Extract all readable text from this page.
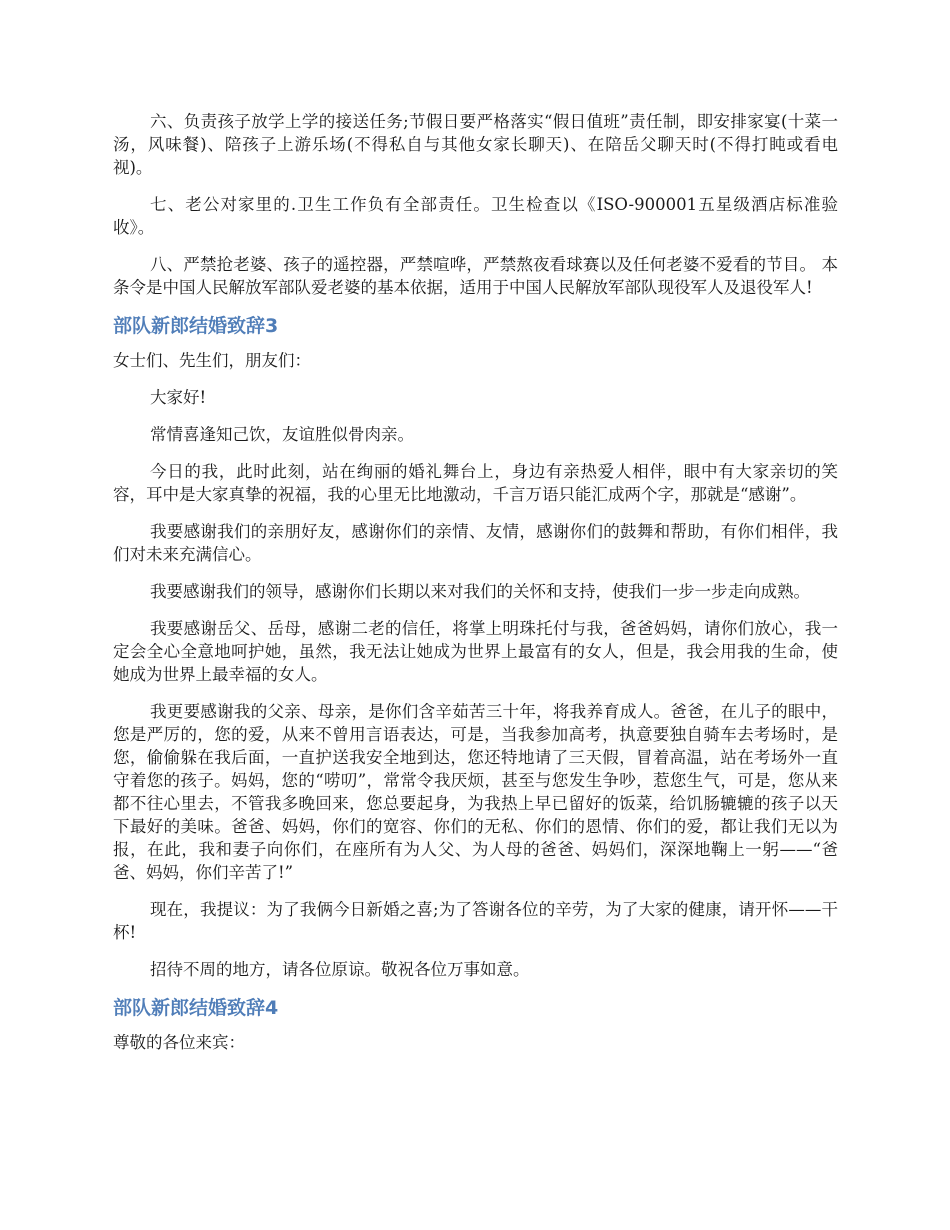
六、负责孩子放学上学的接送任务;节假日要严格落实“假日值班”责任制，即安排家宴(十菜一汤，风味餐)、陪孩子上游乐场(不得私自与其他女家长聊天)、在陪岳父聊天时(不得打盹或看电视)。

七、老公对家里的.卫生工作负有全部责任。卫生检查以《ISO-900001五星级酒店标准验收》。

八、严禁抢老婆、孩子的遥控器，严禁喧哗，严禁熬夜看球赛以及任何老婆不爱看的节目。 本条令是中国人民解放军部队爱老婆的基本依据，适用于中国人民解放军部队现役军人及退役军人!

部队新郎结婚致辞3

女士们、先生们，朋友们：

大家好!

常情喜逢知己饮，友谊胜似骨肉亲。

今日的我，此时此刻，站在绚丽的婚礼舞台上，身边有亲热爱人相伴，眼中有大家亲切的笑容，耳中是大家真挚的祝福，我的心里无比地激动，千言万语只能汇成两个字，那就是“感谢”。

我要感谢我们的亲朋好友，感谢你们的亲情、友情，感谢你们的鼓舞和帮助，有你们相伴，我们对未来充满信心。

我要感谢我们的领导，感谢你们长期以来对我们的关怀和支持，使我们一步一步走向成熟。

我要感谢岳父、岳母，感谢二老的信任，将掌上明珠托付与我，爸爸妈妈，请你们放心，我一定会全心全意地呵护她，虽然，我无法让她成为世界上最富有的女人，但是，我会用我的生命，使她成为世界上最幸福的女人。

我更要感谢我的父亲、母亲，是你们含辛茹苦三十年，将我养育成人。爸爸，在儿子的眼中，您是严厉的，您的爱，从来不曾用言语表达，可是，当我参加高考，执意要独自骑车去考场时，是您，偷偷躲在我后面，一直护送我安全地到达，您还特地请了三天假，冒着高温，站在考场外一直守着您的孩子。妈妈，您的“唠叨”，常常令我厌烦，甚至与您发生争吵，惹您生气，可是，您从来都不往心里去，不管我多晚回来，您总要起身，为我热上早已留好的饭菜，给饥肠辘辘的孩子以天下最好的美味。爸爸、妈妈，你们的宽容、你们的无私、你们的恩情、你们的爱，都让我们无以为报，在此，我和妻子向你们，在座所有为人父、为人母的爸爸、妈妈们，深深地鞠上一躬——“爸爸、妈妈，你们辛苦了!”

现在，我提议：为了我俩今日新婚之喜;为了答谢各位的辛劳，为了大家的健康，请开怀——干杯!

招待不周的地方，请各位原谅。敬祝各位万事如意。

部队新郎结婚致辞4

尊敬的各位来宾：
